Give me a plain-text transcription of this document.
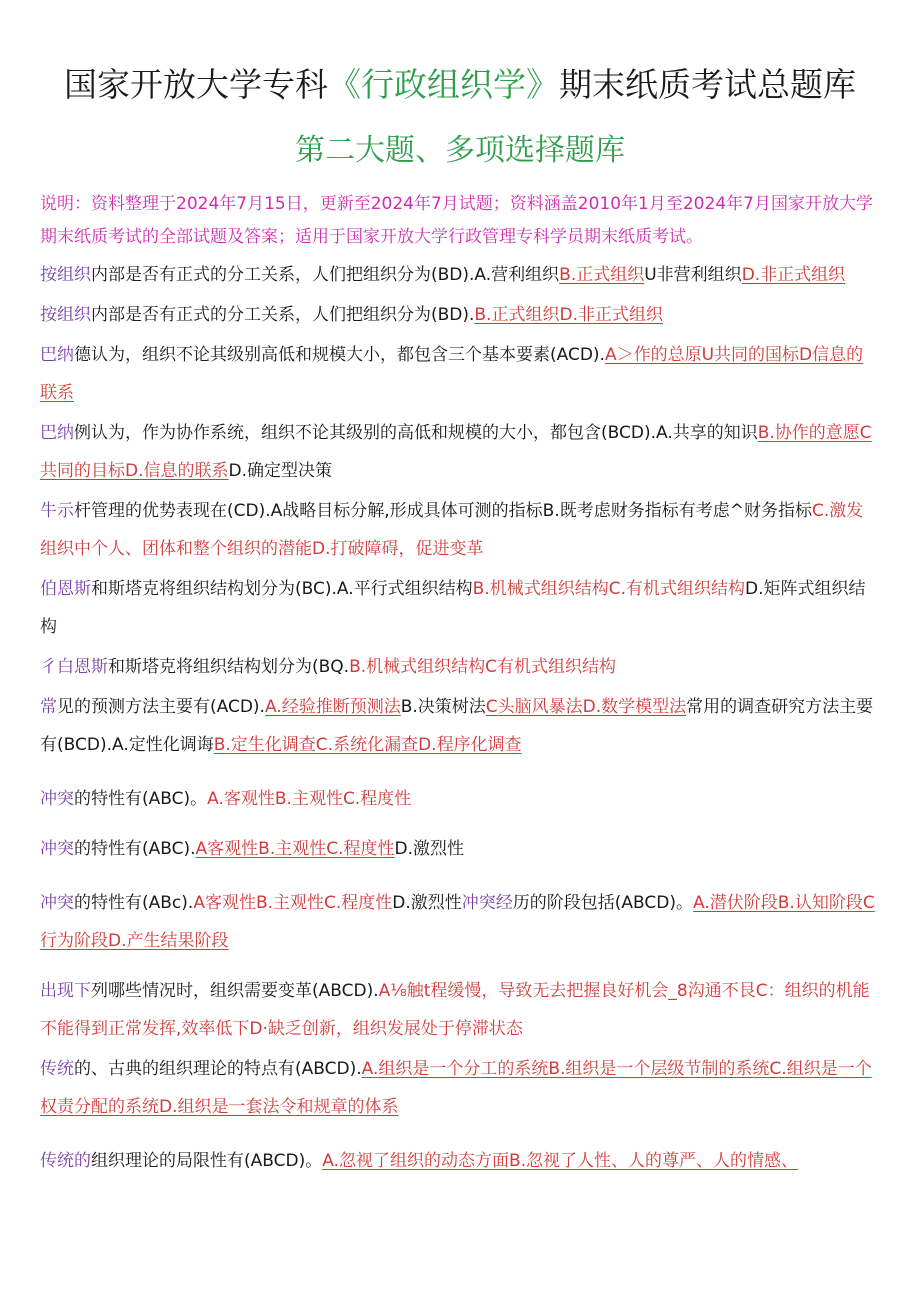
国家开放大学专科《行政组织学》期末纸质考试总题库
第二大题、多项选择题库

说明：资料整理于2024年7月15日，更新至2024年7月试题；资料涵盖2010年1月至2024年7月国家开放大学期末纸质考试的全部试题及答案；适用于国家开放大学行政管理专科学员期末纸质考试。

按组织内部是否有正式的分工关系，人们把组织分为(BD).A.营利组织B.正式组织U非营利组织D.非正式组织

按组织内部是否有正式的分工关系，人们把组织分为(BD).B.正式组织D.非正式组织

巴纳德认为，组织不论其级别高低和规模大小，都包含三个基本要素(ACD).A＞作的总原U共同的国标D信息的联系

巴纳例认为，作为协作系统，组织不论其级别的高低和规模的大小，都包含(BCD).A.共享的知识B.协作的意愿C共同的目标D.信息的联系D.确定型决策

牛示杆管理的优势表现在(CD).A战略目标分解,形成具体可测的指标B.既考虑财务指标有考虑^财务指标C.激发组织中个人、团体和整个组织的潜能D.打破障碍，促进变革

伯恩斯和斯塔克将组织结构划分为(BC).A.平行式组织结构B.机械式组织结构C.有机式组织结构D.矩阵式组织结构

彳白恩斯和斯塔克将组织结构划分为(BQ.B.机械式组织结构C有机式组织结构

常见的预测方法主要有(ACD).A.经验推断预测法B.决策树法C头脑风暴法D.数学模型法常用的调查研究方法主要有(BCD).A.定性化调诲B.定生化调查C.系统化漏查D.程序化调查

冲突的特性有(ABC)。A.客观性B.主观性C.程度性

冲突的特性有(ABC).A客观性B.主观性C.程度性D.激烈性

冲突的特性有(ABc).A客观性B.主观性C.程度性D.激烈性冲突经历的阶段包括(ABCD)。A.潜伏阶段B.认知阶段C行为阶段D.产生结果阶段

出现下列哪些情况时，组织需要变革(ABCD).A⅛触t程缓慢，导致无去把握良好机会_8沟通不艮C：组织的机能不能得到正常发挥,效率低下D·缺乏创新，组织发展处于停滞状态

传统的、古典的组织理论的特点有(ABCD).A.组织是一个分工的系统B.组织是一个层级节制的系统C.组织是一个权责分配的系统D.组织是一套法令和规章的体系

传统的组织理论的局限性有(ABCD)。A.忽视了组织的动态方面B.忽视了人性、人的尊严、人的情感、
